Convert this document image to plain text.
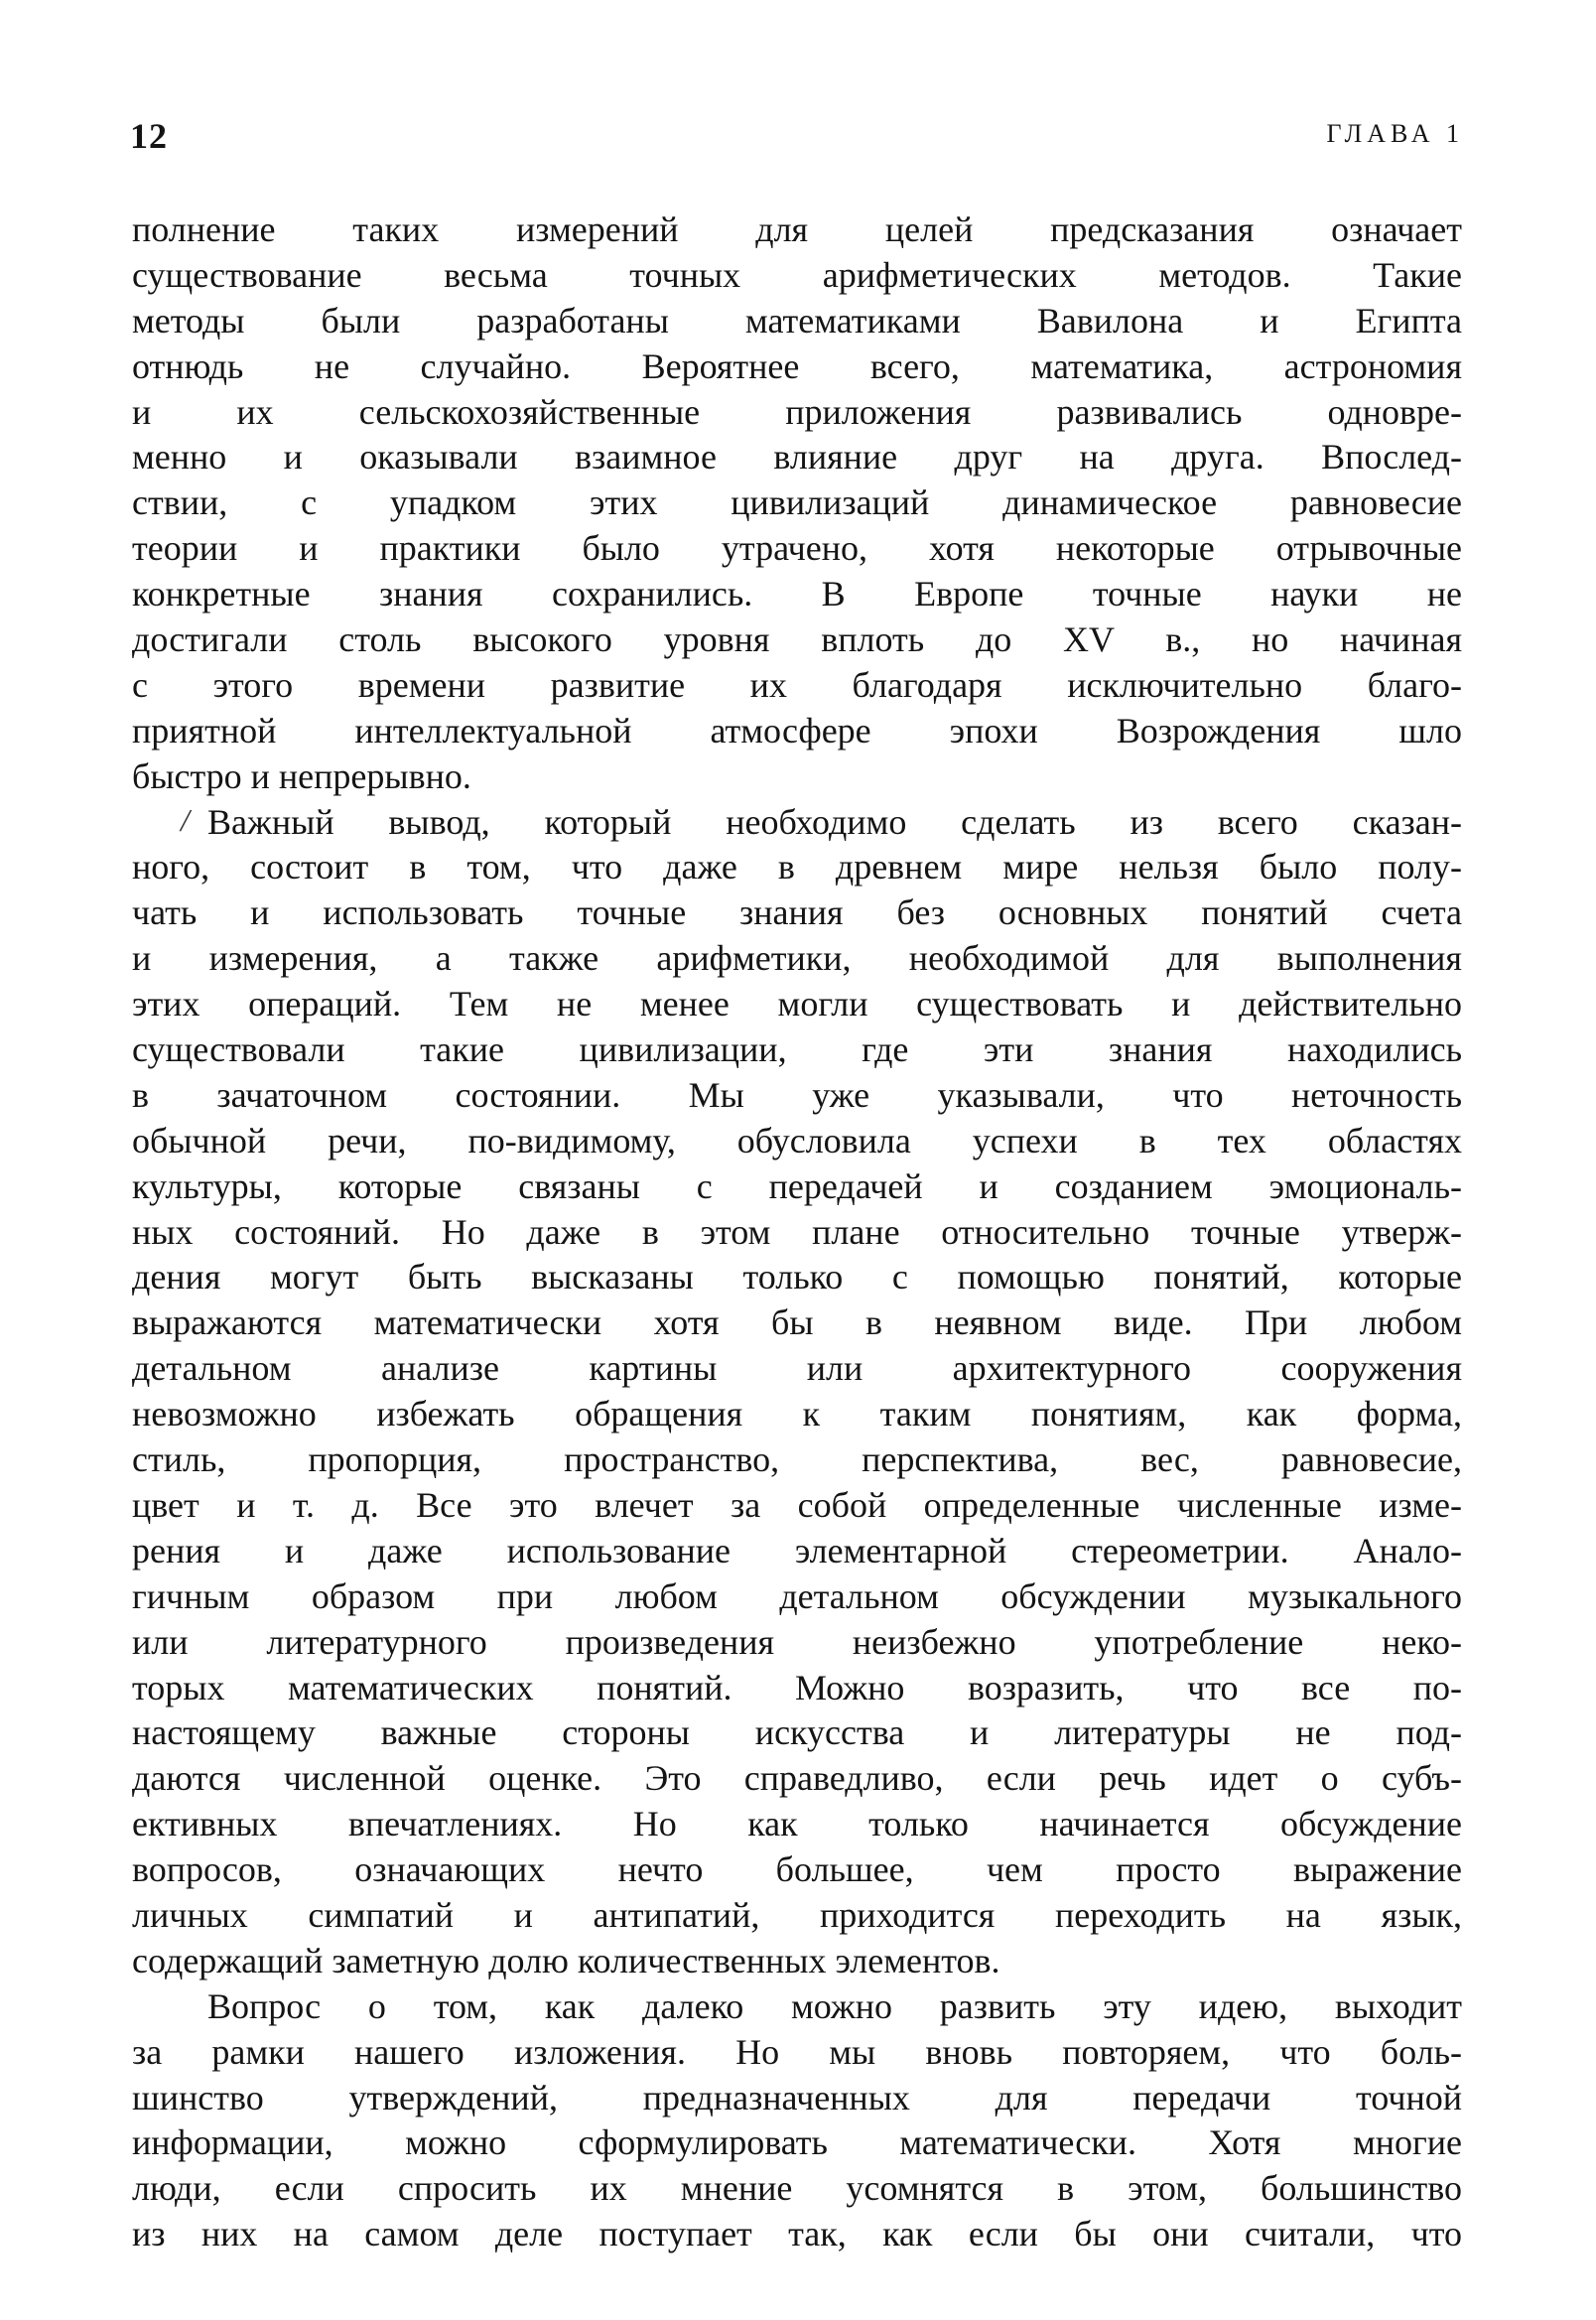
12	ГЛАВА 1
/
полнение таких измерений для целей предсказания означает
существование весьма точных арифметических методов. Такие
методы были разработаны математиками Вавилона и Египта
отнюдь не случайно. Вероятнее всего, математика, астрономия
и их сельскохозяйственные приложения развивались одновре-
менно и оказывали взаимное влияние друг на друга. Впослед-
ствии, с упадком этих цивилизаций динамическое равновесие
теории и практики было утрачено, хотя некоторые отрывочные
конкретные знания сохранились. В Европе точные науки не
достигали столь высокого уровня вплоть до XV в., но начиная
с этого времени развитие их благодаря исключительно благо-
приятной интеллектуальной атмосфере эпохи Возрождения шло
быстро и непрерывно.
Важный вывод, который необходимо сделать из всего сказан-
ного, состоит в том, что даже в древнем мире нельзя было полу-
чать и использовать точные знания без основных понятий счета
и измерения, а также арифметики, необходимой для выполнения
этих операций. Тем не менее могли существовать и действительно
существовали такие цивилизации, где эти знания находились
в зачаточном состоянии. Мы уже указывали, что неточность
обычной речи, по-видимому, обусловила успехи в тех областях
культуры, которые связаны с передачей и созданием эмоциональ-
ных состояний. Но даже в этом плане относительно точные утверж-
дения могут быть высказаны только с помощью понятий, которые
выражаются математически хотя бы в неявном виде. При любом
детальном анализе картины или архитектурного сооружения
невозможно избежать обращения к таким понятиям, как форма,
стиль, пропорция, пространство, перспектива, вес, равновесие,
цвет и т. д. Все это влечет за собой определенные численные изме-
рения и даже использование элементарной стереометрии. Анало-
гичным образом при любом детальном обсуждении музыкального
или литературного произведения неизбежно употребление неко-
торых математических понятий. Можно возразить, что все по-
настоящему важные стороны искусства и литературы не под-
даются численной оценке. Это справедливо, если речь идет о субъ-
ективных впечатлениях. Но как только начинается обсуждение
вопросов, означающих нечто большее, чем просто выражение
личных симпатий и антипатий, приходится переходить на язык,
содержащий заметную долю количественных элементов.
Вопрос о том, как далеко можно развить эту идею, выходит
за рамки нашего изложения. Но мы вновь повторяем, что боль-
шинство утверждений, предназначенных для передачи точной
информации, можно сформулировать математически. Хотя многие
люди, если спросить их мнение усомнятся в этом, большинство
из них на самом деле поступает так, как если бы они считали, что
